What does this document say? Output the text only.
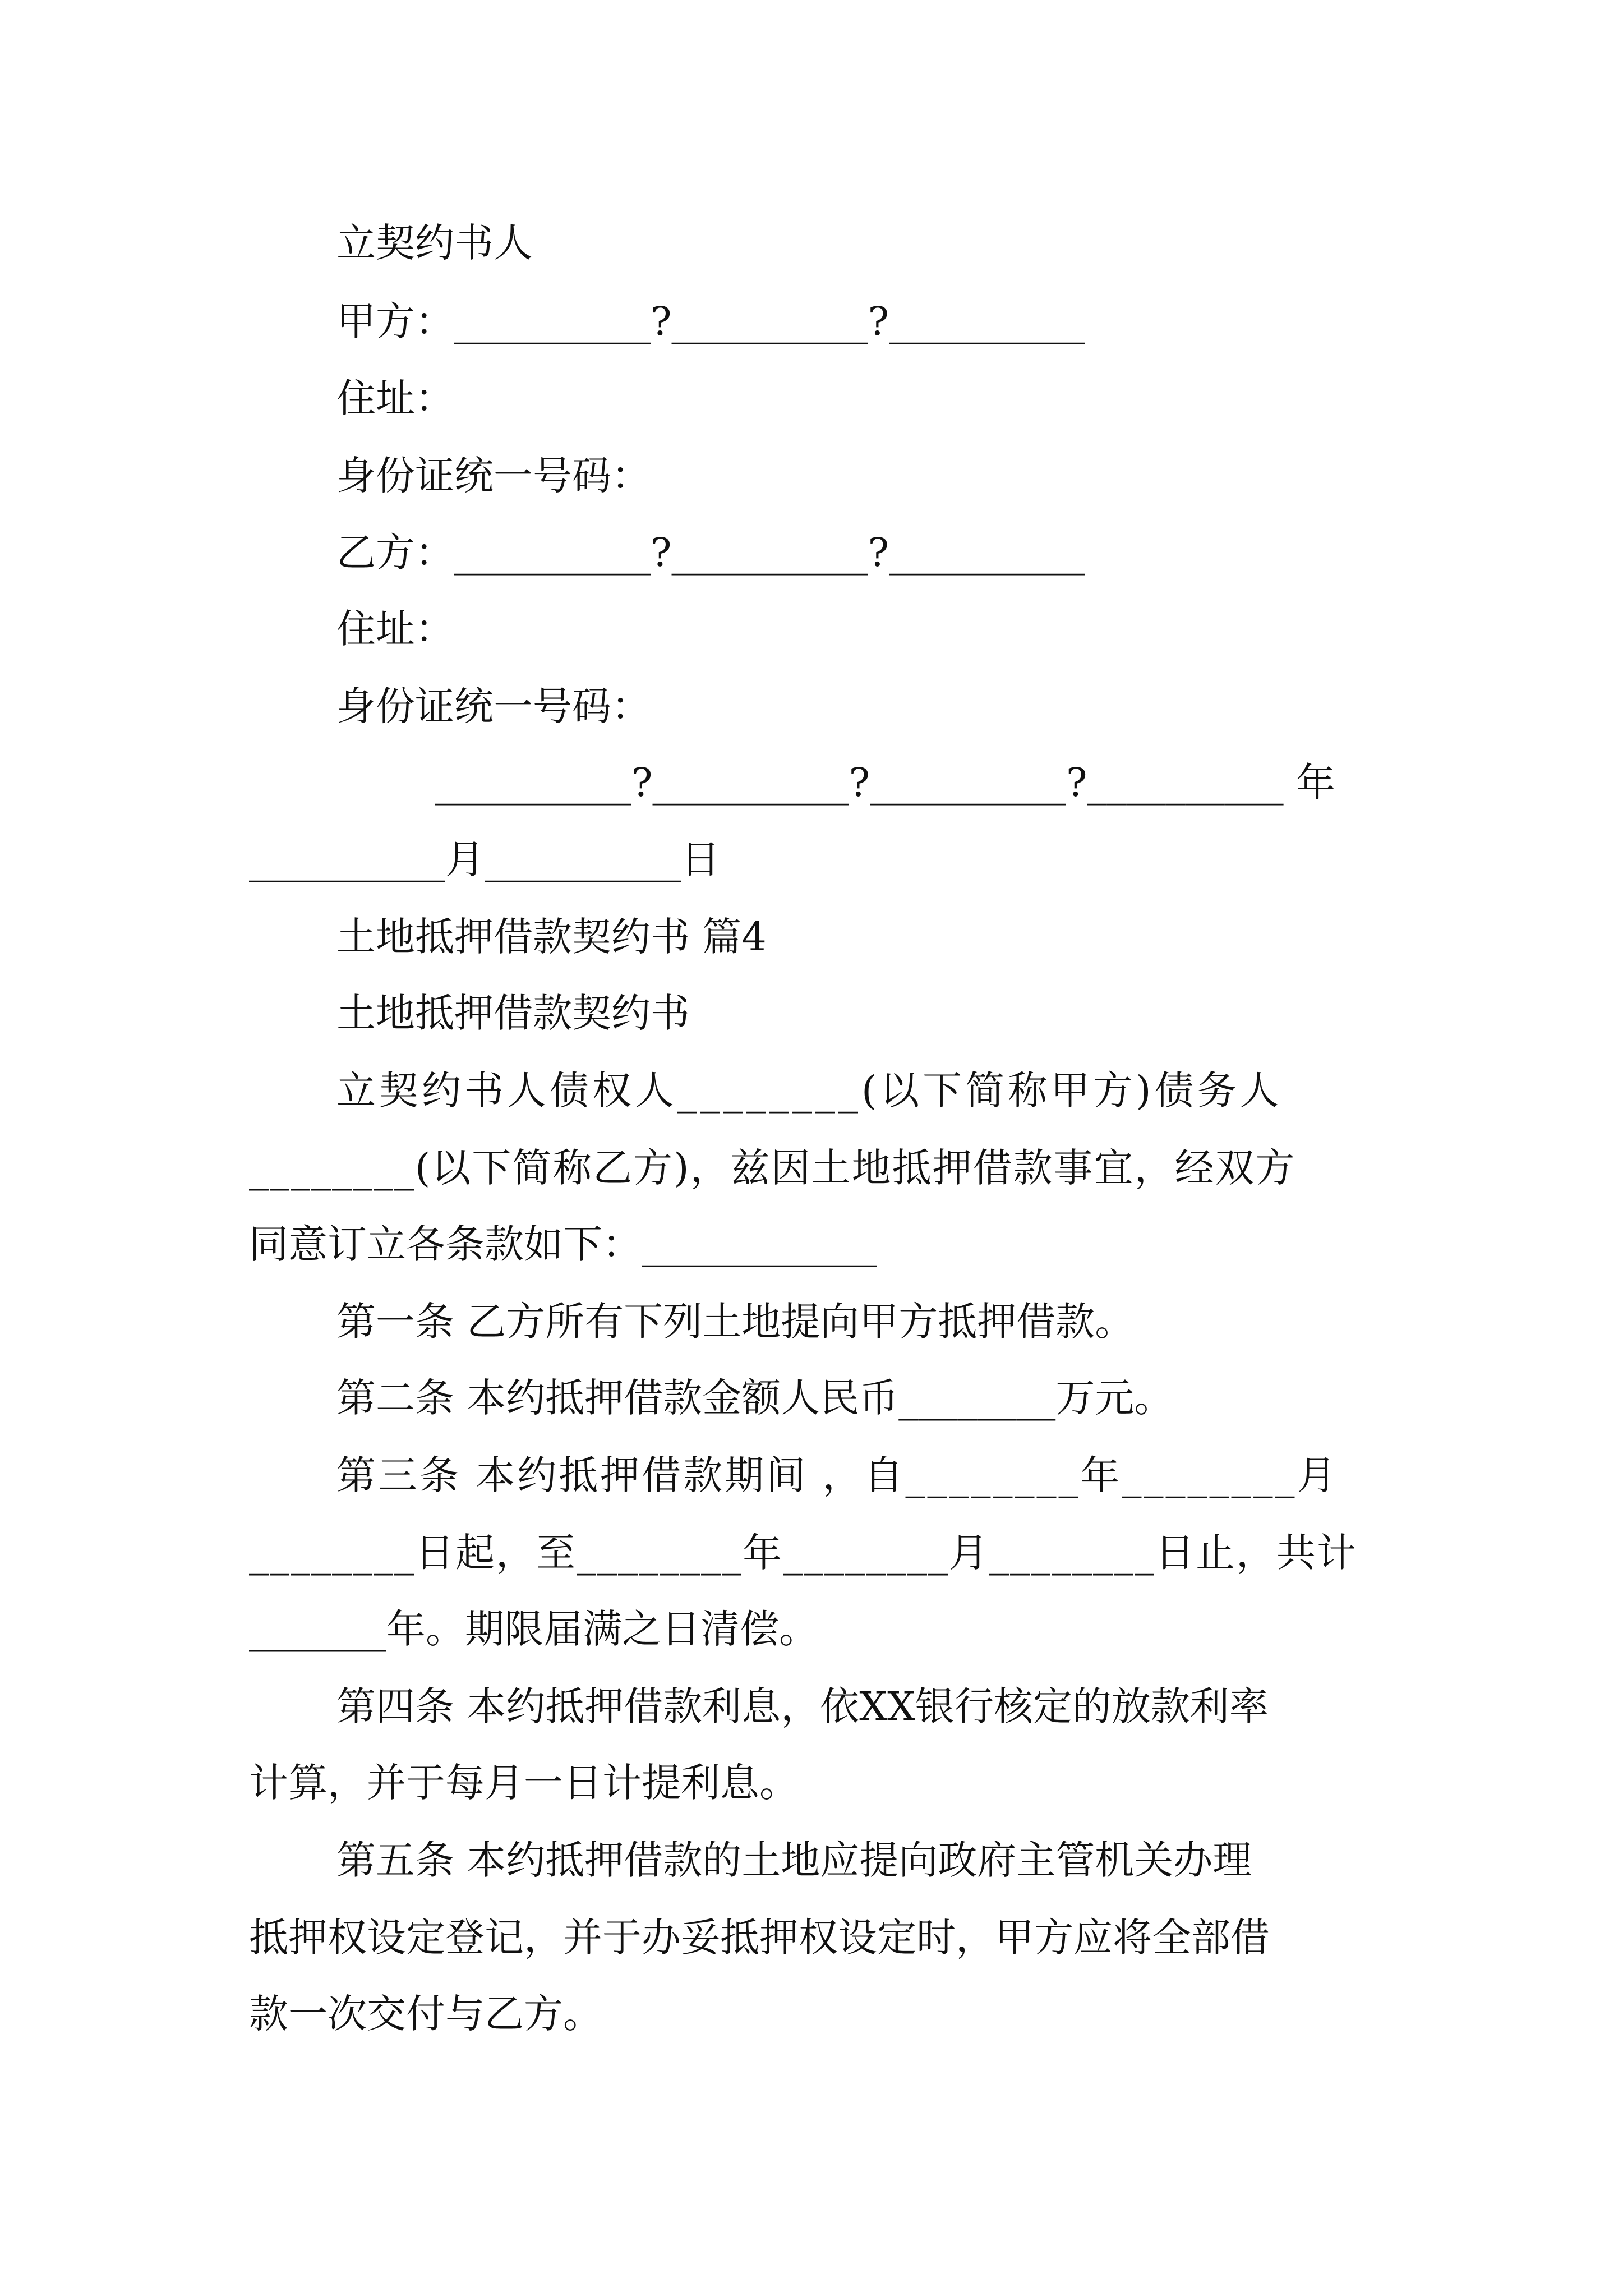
立契约书人
甲方：__________?__________?__________
住址：
身份证统一号码：
乙方：__________?__________?__________
住址：
身份证统一号码：
__________?__________?__________?__________ 年
__________月__________日
土地抵押借款契约书 篇4
土地抵押借款契约书
立契约书人债权人________(以下简称甲方)债务人
________(以下简称乙方)，兹因土地抵押借款事宜，经双方
同意订立各条款如下：____________
第一条 乙方所有下列土地提向甲方抵押借款。
第二条 本约抵押借款金额人民币________万元。
第三条 本约抵押借款期间 ，自________年________月
________日起，至________年________月________日止，共计
_______年。期限届满之日清偿。
第四条 本约抵押借款利息，依XX银行核定的放款利率
计算，并于每月一日计提利息。
第五条 本约抵押借款的土地应提向政府主管机关办理
抵押权设定登记，并于办妥抵押权设定时，甲方应将全部借
款一次交付与乙方。
